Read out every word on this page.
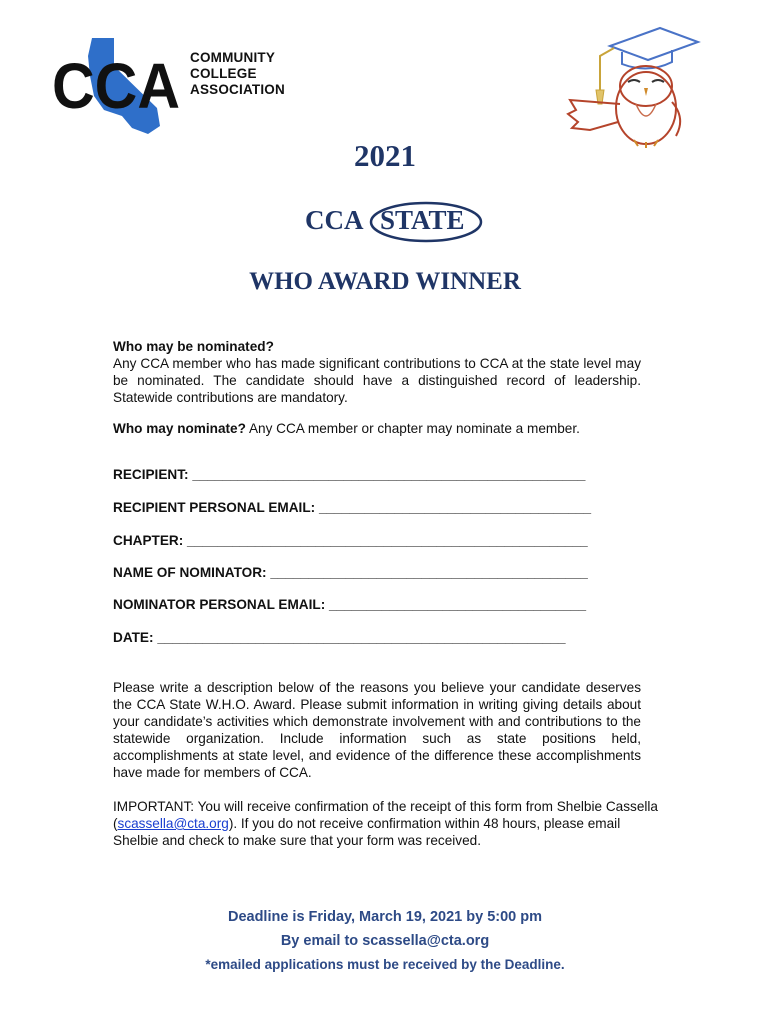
CCA COMMUNITY
COLLEGE
ASSOCIATION
2021
CCA STATE
WHO AWARD WINNER
Who may be nominated?
Any CCA member who has made significant contributions to CCA at the state level may be nominated. The candidate should have a distinguished record of leadership. Statewide contributions are mandatory.
Who may nominate? Any CCA member or chapter may nominate a member.
RECIPIENT: ____________________________________________________
RECIPIENT PERSONAL EMAIL: ____________________________________
CHAPTER: _____________________________________________________
NAME OF NOMINATOR: __________________________________________
NOMINATOR PERSONAL EMAIL: __________________________________
DATE: ______________________________________________________
Please write a description below of the reasons you believe your candidate deserves the CCA State W.H.O. Award. Please submit information in writing giving details about your candidate’s activities which demonstrate involvement with and contributions to the statewide organization. Include information such as state positions held, accomplishments at state level, and evidence of the difference these accomplishments have made for members of CCA.
IMPORTANT: You will receive confirmation of the receipt of this form from Shelbie Cassella (scassella@cta.org). If you do not receive confirmation within 48 hours, please email Shelbie and check to make sure that your form was received.
Deadline is Friday, March 19, 2021 by 5:00 pm
By email to scassella@cta.org
*emailed applications must be received by the Deadline.
